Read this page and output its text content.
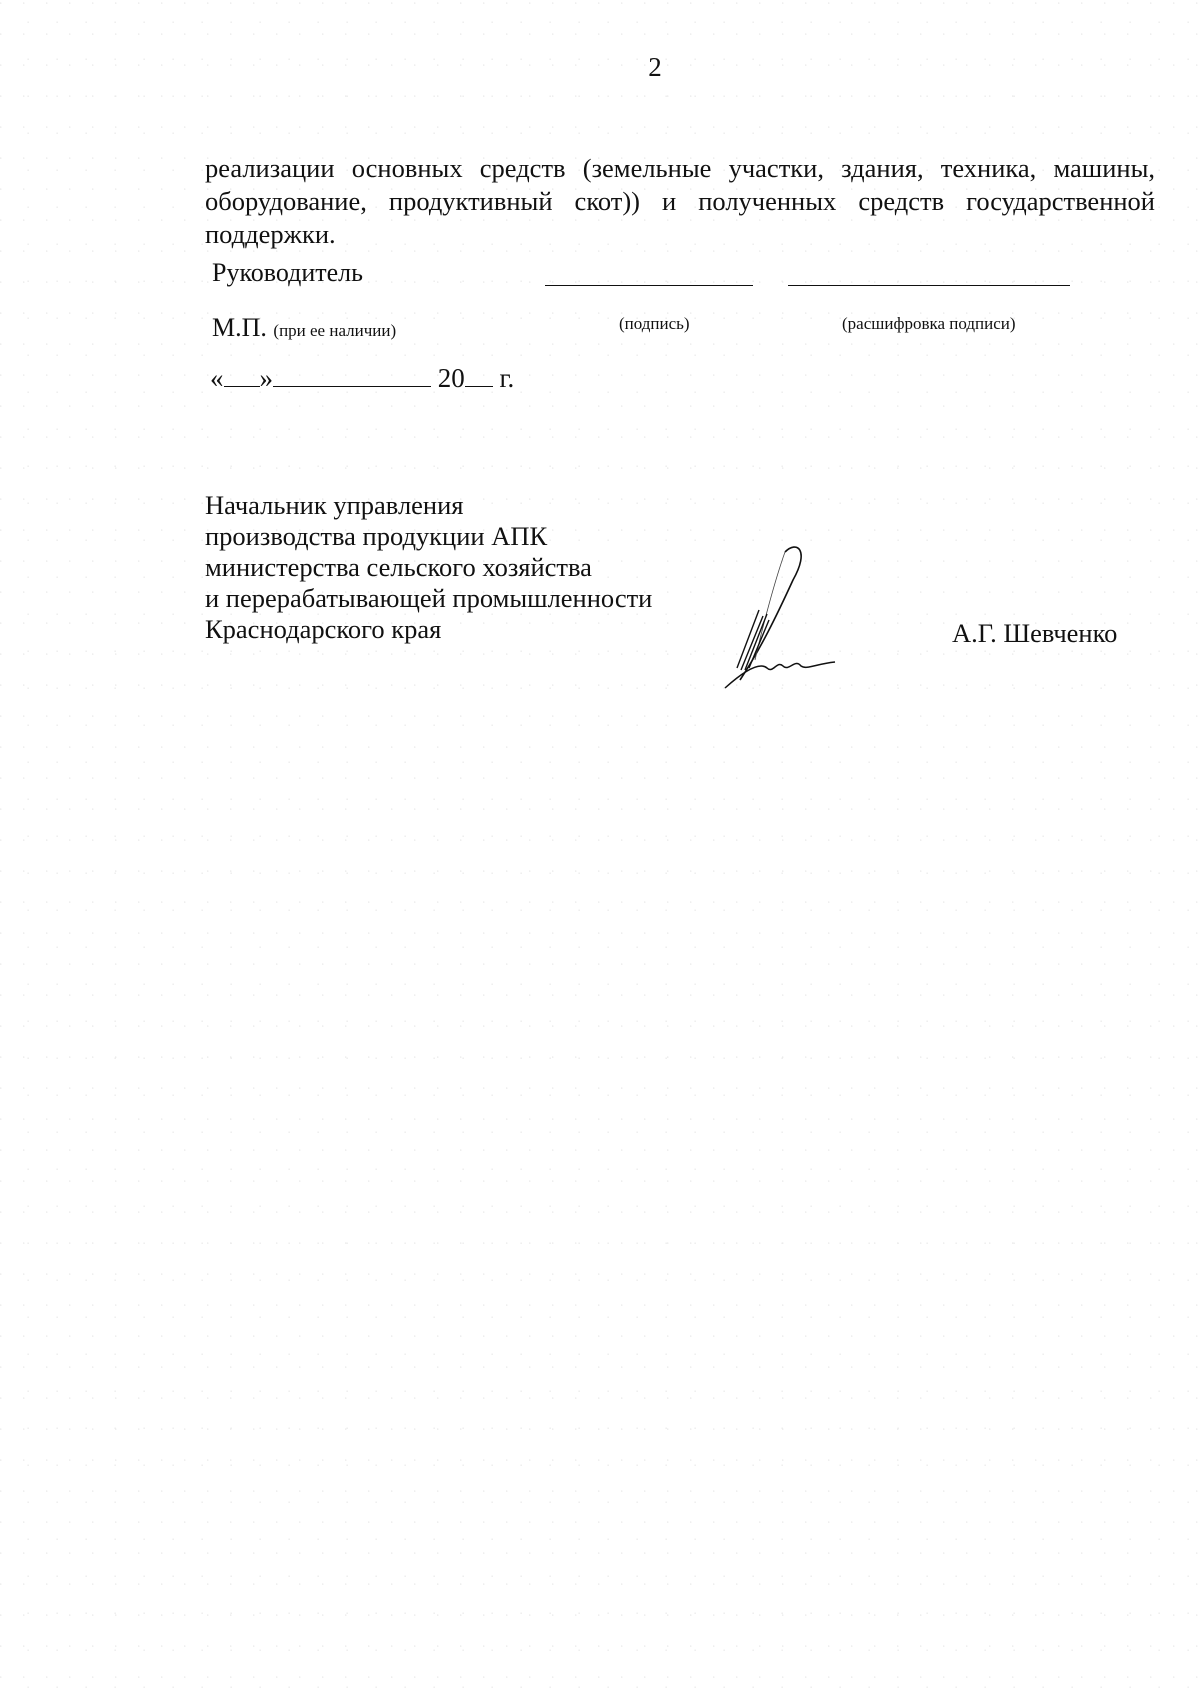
2
реализации основных средств (земельные участки, здания, техника, машины,
оборудование, продуктивный скот)) и полученных средств государственной
поддержки.
Руководитель
М.П. (при ее наличии)	(подпись)	(расшифровка подписи)
« »	20 г.
Начальник управления
производства продукции АПК
министерства сельского хозяйства
и перерабатывающей промышленности
Краснодарского края	А.Г. Шевченко
